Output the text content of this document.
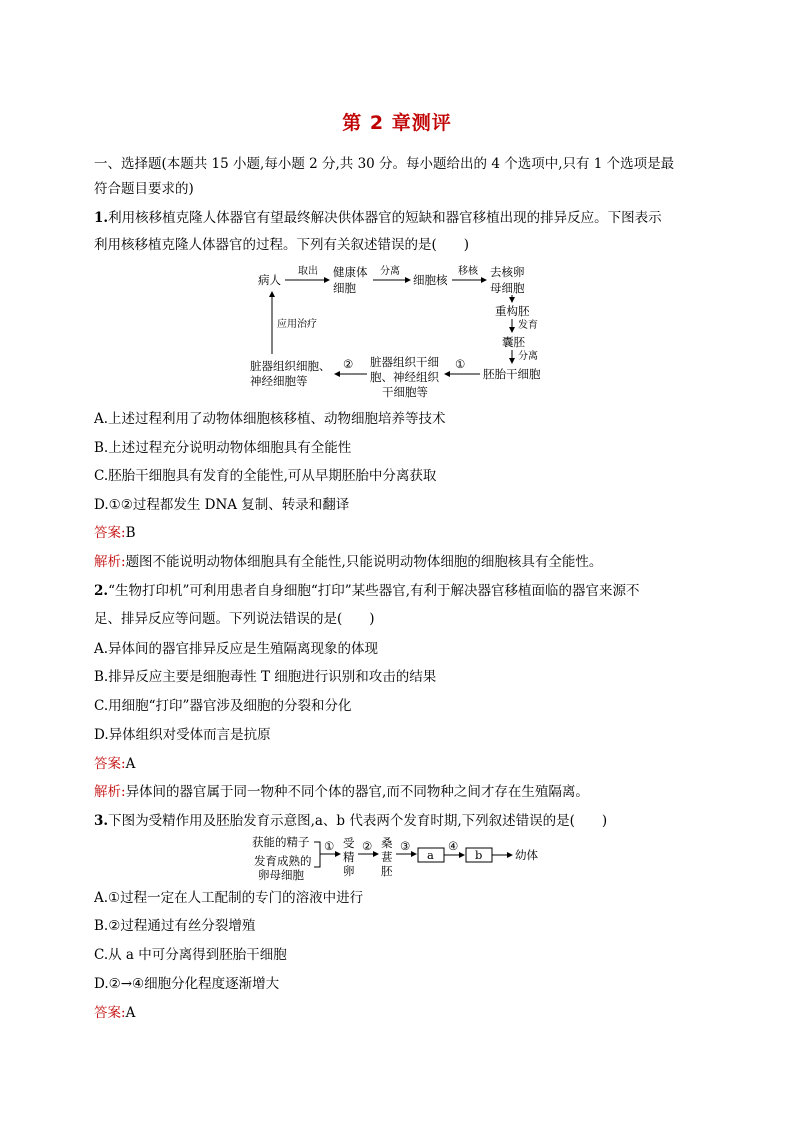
第 2 章测评
一、选择题(本题共 15 小题,每小题 2 分,共 30 分。每小题给出的 4 个选项中,只有 1 个选项是最
符合题目要求的)
1.利用核移植克隆人体器官有望最终解决供体器官的短缺和器官移植出现的排异反应。下图表示
利用核移植克隆人体器官的过程。下列有关叙述错误的是(　　)
病人
取出 健康体
细胞
分离
细胞核
移核 去核卵
母细胞
重构胚
发育
囊胚
分离
胚胎干细胞
①
脏器组织干细
胞、神经组织
干细胞等
②
脏器组织细胞、
神经细胞等
应用治疗
A.上述过程利用了动物体细胞核移植、动物细胞培养等技术
B.上述过程充分说明动物体细胞具有全能性
C.胚胎干细胞具有发育的全能性,可从早期胚胎中分离获取
D.①②过程都发生 DNA 复制、转录和翻译
答案:B
解析:题图不能说明动物体细胞具有全能性,只能说明动物体细胞的细胞核具有全能性。
2.“生物打印机”可利用患者自身细胞“打印”某些器官,有利于解决器官移植面临的器官来源不
足、排异反应等问题。下列说法错误的是(　　)
A.异体间的器官排异反应是生殖隔离现象的体现
B.排异反应主要是细胞毒性 T 细胞进行识别和攻击的结果
C.用细胞“打印”器官涉及细胞的分裂和分化
D.异体组织对受体而言是抗原
答案:A
解析:异体间的器官属于同一物种不同个体的器官,而不同物种之间才存在生殖隔离。
3.下图为受精作用及胚胎发育示意图,a、b 代表两个发育时期,下列叙述错误的是(　　)
获能的精子
发育成熟的
卵母细胞
① 受
精
卵
② 桑
葚
胚
③
a
④
b	幼体
A.①过程一定在人工配制的专门的溶液中进行
B.②过程通过有丝分裂增殖
C.从 a 中可分离得到胚胎干细胞
D.②→④细胞分化程度逐渐增大
答案:A
